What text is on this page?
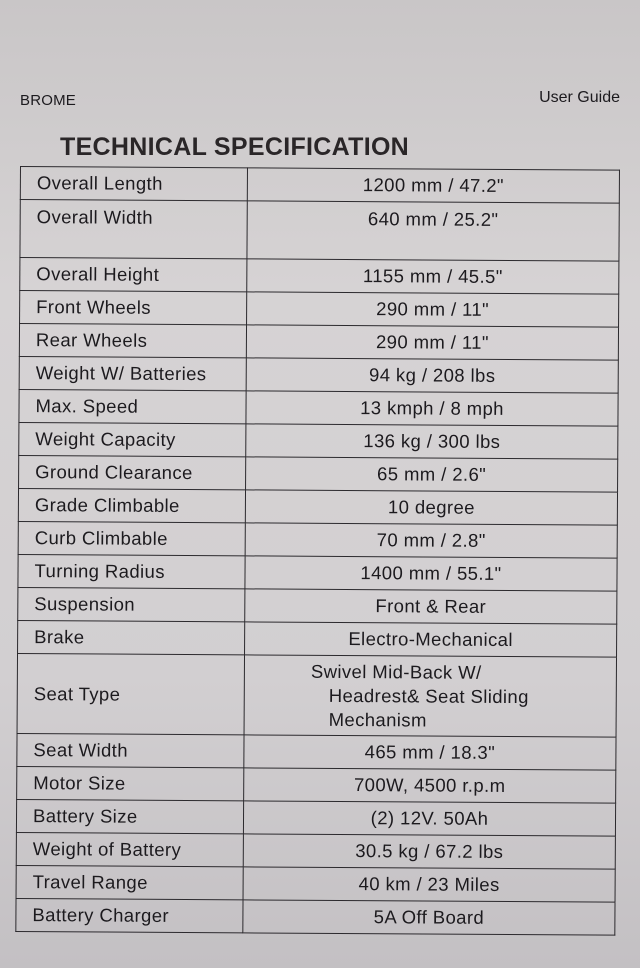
BROME	User Guide
TECHNICAL SPECIFICATION
Overall Length	1200 mm / 47.2"
Overall Width	640 mm / 25.2"
Overall Height	1155 mm / 45.5"
Front Wheels	290 mm / 11"
Rear Wheels	290 mm / 11"
Weight W/ Batteries	94 kg / 208 lbs
Max. Speed	13 kmph / 8 mph
Weight Capacity	136 kg / 300 lbs
Ground Clearance	65 mm / 2.6"
Grade Climbable	10 degree
Curb Climbable	70 mm / 2.8"
Turning Radius	1400 mm / 55.1"
Suspension	Front & Rear
Brake	Electro-Mechanical
Seat Type	Swivel Mid-Back W/
Headrest& Seat Sliding
Mechanism

Seat Width	465 mm / 18.3"
Motor Size	700W, 4500 r.p.m
Battery Size	(2) 12V. 50Ah
Weight of Battery	30.5 kg / 67.2 lbs
Travel Range	40 km / 23 Miles
Battery Charger	5A Off Board
